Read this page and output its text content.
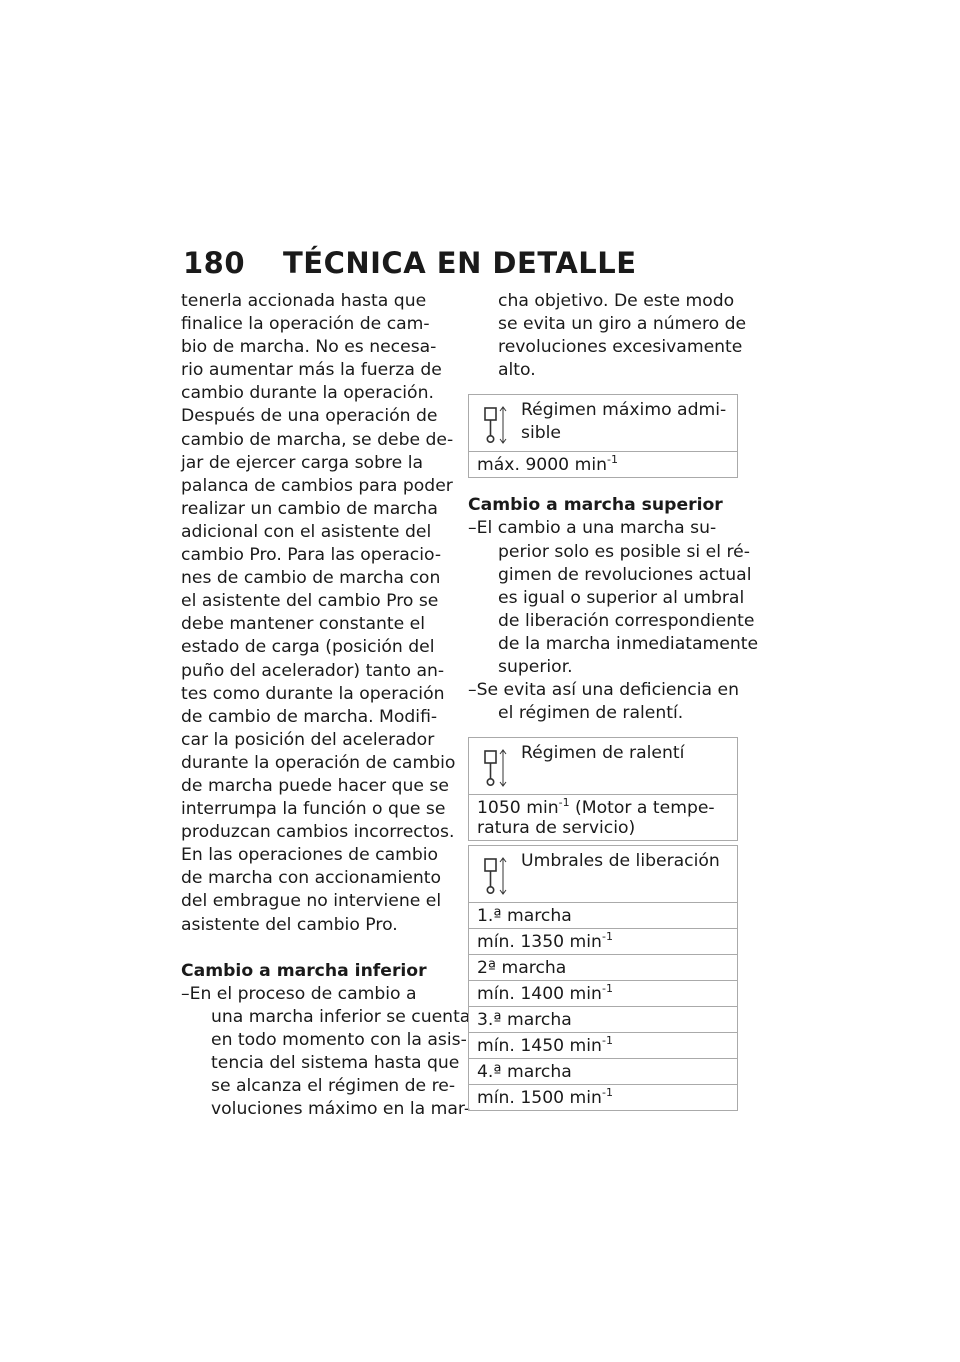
180 TÉCNICA EN DETALLE
tenerla accionada hasta que
finalice la operación de cam-
bio de marcha. No es necesa-
rio aumentar más la fuerza de
cambio durante la operación.
Después de una operación de
cambio de marcha, se debe de-
jar de ejercer carga sobre la
palanca de cambios para poder
realizar un cambio de marcha
adicional con el asistente del
cambio Pro. Para las operacio-
nes de cambio de marcha con
el asistente del cambio Pro se
debe mantener constante el
estado de carga (posición del
puño del acelerador) tanto an-
tes como durante la operación
de cambio de marcha. Modifi-
car la posición del acelerador
durante la operación de cambio
de marcha puede hacer que se
interrumpa la función o que se
produzcan cambios incorrectos.
En las operaciones de cambio
de marcha con accionamiento
del embrague no interviene el
asistente del cambio Pro.

Cambio a marcha inferior

–En el proceso de cambio a
una marcha inferior se cuenta
en todo momento con la asis-
tencia del sistema hasta que
se alcanza el régimen de re-
voluciones máximo en la mar-
cha objetivo. De este modo
se evita un giro a número de
revoluciones excesivamente
alto.
Régimen máximo admi-
sible
máx. 9000 $\min^{-1}$

Cambio a marcha superior

–El cambio a una marcha su-
perior solo es posible si el ré-
gimen de revoluciones actual
es igual o superior al umbral
de liberación correspondiente
de la marcha inmediatamente
superior.
–Se evita así una deficiencia en
el régimen de ralentí.
Régimen de ralentí
1050 $\min^{-1}$ (Motor a tempe-
ratura de servicio)
Umbrales de liberación
1.ª marcha
mín. 1350 $\min^{-1}$
2ª marcha
mín. 1400 $\min^{-1}$
3.ª marcha
mín. 1450 $\min^{-1}$
4.ª marcha
mín. 1500 $\min^{-1}$
